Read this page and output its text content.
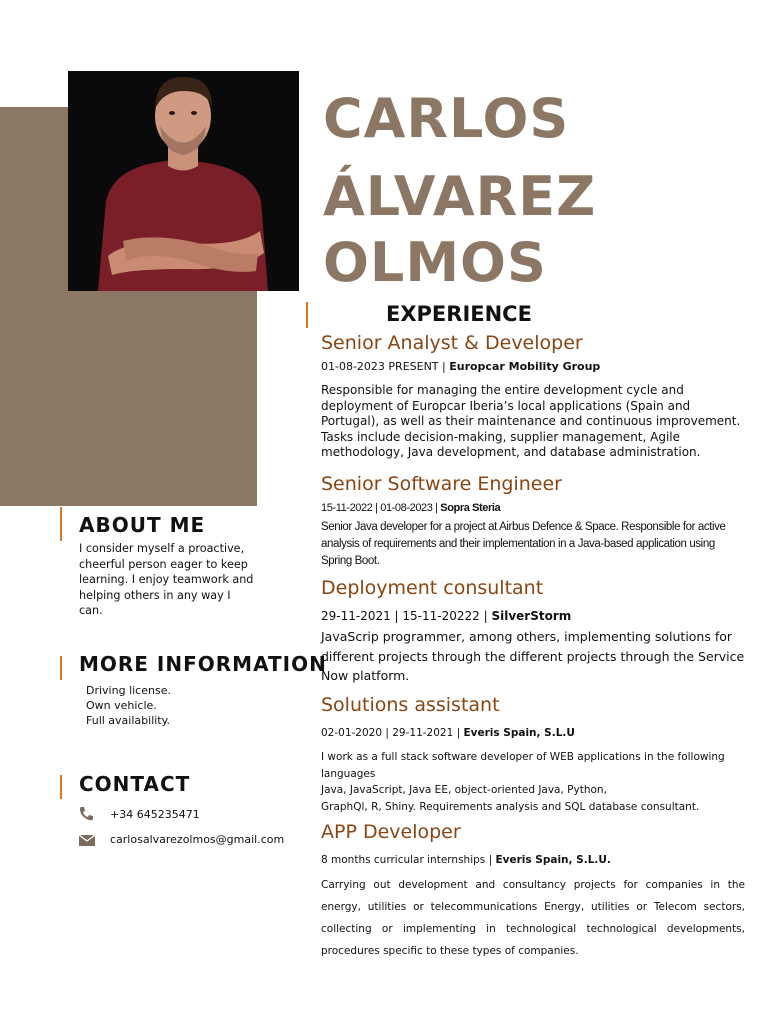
CARLOS
ÁLVAREZ
OLMOS
ABOUT ME

I consider myself a proactive, cheerful person eager to keep learning. I enjoy teamwork and helping others in any way I can.

MORE INFORMATION
Driving license.
Own vehicle.
Full availability.
CONTACT
+34 645235471
carlosalvarezolmos@gmail.com
EXPERIENCE
Senior Analyst & Developer

01-08-2023 PRESENT | Europcar Mobility Group

Responsible for managing the entire development cycle and deployment of Europcar Iberia’s local applications (Spain and Portugal), as well as their maintenance and continuous improvement.
Tasks include decision-making, supplier management, Agile methodology, Java development, and database administration.

Senior Software Engineer

15-11-2022 | 01-08-2023 | Sopra Steria

Senior Java developer for a project at Airbus Defence & Space. Responsible for active analysis of requirements and their implementation in a Java-based application using Spring Boot.

Deployment consultant

29-11-2021 | 15-11-20222 | SilverStorm

JavaScrip programmer, among others, implementing solutions for different projects through the different projects through the Service Now platform.

Solutions assistant

02-01-2020 | 29-11-2021 | Everis Spain, S.L.U

I work as a full stack software developer of WEB applications in the following languages
Java, JavaScript, Java EE, object-oriented Java, Python,
GraphQl, R, Shiny. Requirements analysis and SQL database consultant.

APP Developer

8 months curricular internships | Everis Spain, S.L.U.

Carrying out development and consultancy projects for companies in the energy, utilities or telecommunications Energy, utilities or Telecom sectors, collecting or implementing in technological technological developments, procedures specific to these types of companies.
